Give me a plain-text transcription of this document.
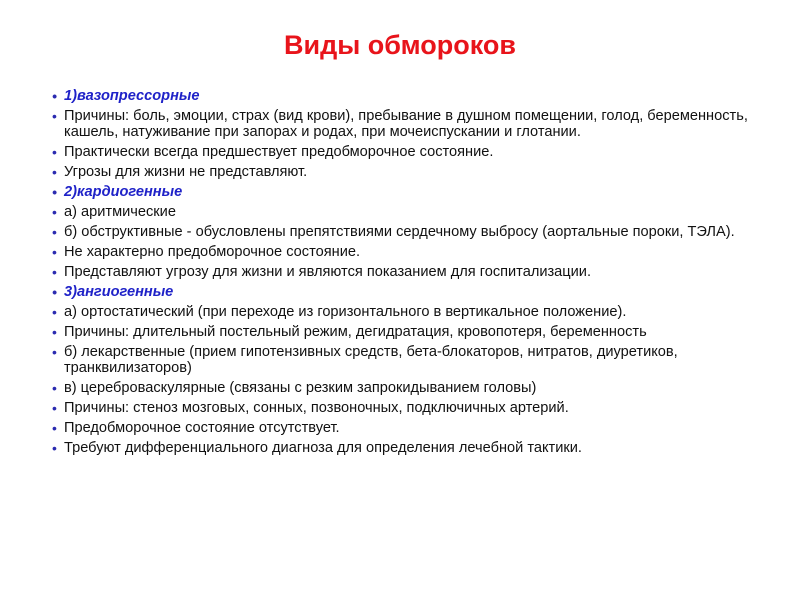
Виды обмороков
• 1)вазопрессорные
• Причины: боль, эмоции, страх (вид крови), пребывание в душном помещении, голод, беременность, кашель, натуживание при запорах и родах, при мочеиспускании и глотании.
• Практически всегда предшествует предобморочное состояние.
• Угрозы для жизни не представляют.
• 2)кардиогенные
• а) аритмические
• б) обструктивные - обусловлены препятствиями сердечному выбросу (аортальные пороки, ТЭЛА).
• Не характерно предобморочное состояние.
• Представляют угрозу для жизни и являются показанием для госпитализации.
• 3)ангиогенные
• а) ортостатический (при переходе из горизонтального в вертикальное положение).
• Причины: длительный постельный режим, дегидратация, кровопотеря, беременность
• б) лекарственные (прием гипотензивных средств, бета-блокаторов, нитратов, диуретиков,
транквилизаторов)
• в) цереброваскулярные (связаны с резким запрокидыванием головы)
• Причины: стеноз мозговых, сонных, позвоночных, подключичных артерий.
• Предобморочное состояние отсутствует.
• Требуют дифференциального диагноза для определения лечебной тактики.
